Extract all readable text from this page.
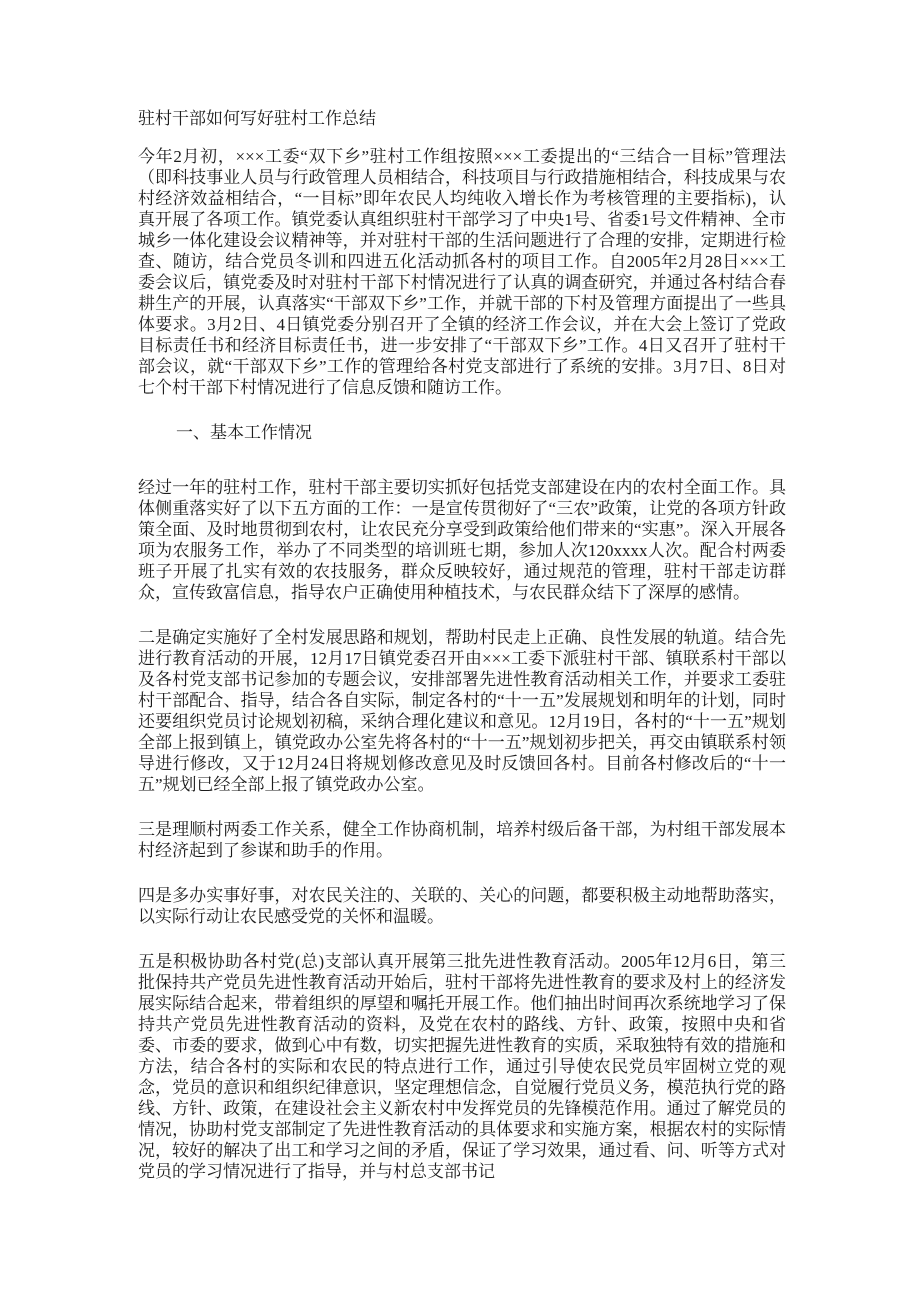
驻村干部如何写好驻村工作总结

今年2月初，×××工委“双下乡”驻村工作组按照×××工委提出的“三结合一目标”管理法（即科技事业人员与行政管理人员相结合，科技项目与行政措施相结合，科技成果与农村经济效益相结合，“一目标”即年农民人均纯收入增长作为考核管理的主要指标)，认真开展了各项工作。镇党委认真组织驻村干部学习了中央1号、省委1号文件精神、全市城乡一体化建设会议精神等，并对驻村干部的生活问题进行了合理的安排，定期进行检查、随访，结合党员冬训和四进五化活动抓各村的项目工作。自2005年2月28日×××工委会议后，镇党委及时对驻村干部下村情况进行了认真的调查研究，并通过各村结合春耕生产的开展，认真落实“干部双下乡”工作，并就干部的下村及管理方面提出了一些具体要求。3月2日、4日镇党委分别召开了全镇的经济工作会议，并在大会上签订了党政目标责任书和经济目标责任书，进一步安排了“干部双下乡”工作。4日又召开了驻村干部会议，就“干部双下乡”工作的管理给各村党支部进行了系统的安排。3月7日、8日对七个村干部下村情况进行了信息反馈和随访工作。

一、基本工作情况

经过一年的驻村工作，驻村干部主要切实抓好包括党支部建设在内的农村全面工作。具体侧重落实好了以下五方面的工作：一是宣传贯彻好了“三农”政策，让党的各项方针政策全面、及时地贯彻到农村，让农民充分享受到政策给他们带来的“实惠”。深入开展各项为农服务工作，举办了不同类型的培训班七期，参加人次120xxxx人次。配合村两委班子开展了扎实有效的农技服务，群众反映较好，通过规范的管理，驻村干部走访群众，宣传致富信息，指导农户正确使用种植技术，与农民群众结下了深厚的感情。

二是确定实施好了全村发展思路和规划，帮助村民走上正确、良性发展的轨道。结合先进行教育活动的开展，12月17日镇党委召开由×××工委下派驻村干部、镇联系村干部以及各村党支部书记参加的专题会议，安排部署先进性教育活动相关工作，并要求工委驻村干部配合、指导，结合各自实际，制定各村的“十一五”发展规划和明年的计划，同时还要组织党员讨论规划初稿，采纳合理化建议和意见。12月19日，各村的“十一五”规划全部上报到镇上，镇党政办公室先将各村的“十一五”规划初步把关，再交由镇联系村领导进行修改，又于12月24日将规划修改意见及时反馈回各村。目前各村修改后的“十一五”规划已经全部上报了镇党政办公室。

三是理顺村两委工作关系，健全工作协商机制，培养村级后备干部，为村组干部发展本村经济起到了参谋和助手的作用。

四是多办实事好事，对农民关注的、关联的、关心的问题，都要积极主动地帮助落实，以实际行动让农民感受党的关怀和温暖。

五是积极协助各村党(总)支部认真开展第三批先进性教育活动。2005年12月6日，第三批保持共产党员先进性教育活动开始后，驻村干部将先进性教育的要求及村上的经济发展实际结合起来，带着组织的厚望和嘱托开展工作。他们抽出时间再次系统地学习了保持共产党员先进性教育活动的资料，及党在农村的路线、方针、政策，按照中央和省委、市委的要求，做到心中有数，切实把握先进性教育的实质，采取独特有效的措施和方法，结合各村的实际和农民的特点进行工作，通过引导使农民党员牢固树立党的观念，党员的意识和组织纪律意识，坚定理想信念，自觉履行党员义务，模范执行党的路线、方针、政策，在建设社会主义新农村中发挥党员的先锋模范作用。通过了解党员的情况，协助村党支部制定了先进性教育活动的具体要求和实施方案，根据农村的实际情况，较好的解决了出工和学习之间的矛盾，保证了学习效果，通过看、问、听等方式对党员的学习情况进行了指导，并与村总支部书记
